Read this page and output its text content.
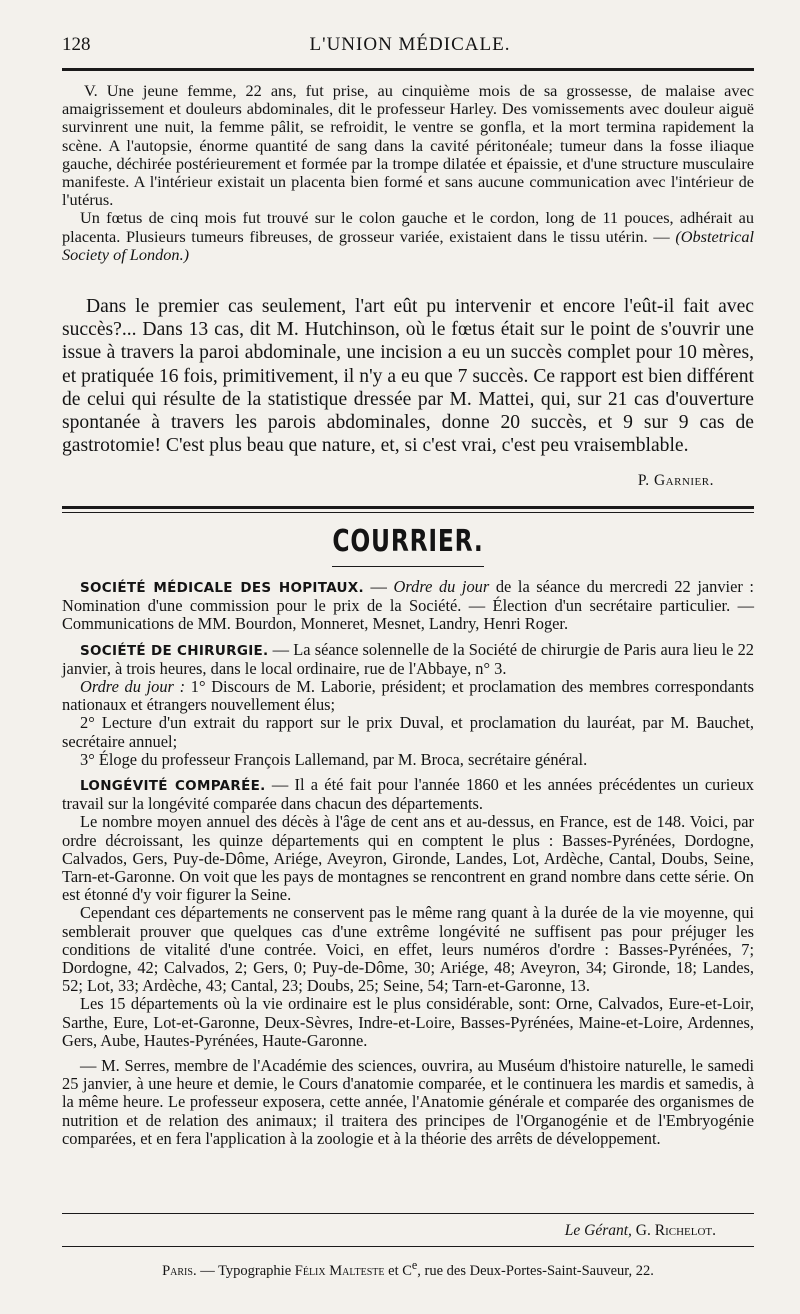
128	L'UNION MÉDICALE.

V. Une jeune femme, 22 ans, fut prise, au cinquième mois de sa grossesse, de malaise avec amaigrissement et douleurs abdominales, dit le professeur Harley. Des vomissements avec douleur aiguë survinrent une nuit, la femme pâlit, se refroidit, le ventre se gonfla, et la mort termina rapidement la scène. A l'autopsie, énorme quantité de sang dans la cavité péritonéale; tumeur dans la fosse iliaque gauche, déchirée postérieurement et formée par la trompe dilatée et épaissie, et d'une structure musculaire manifeste. A l'intérieur existait un placenta bien formé et sans aucune communication avec l'intérieur de l'utérus.

Un fœtus de cinq mois fut trouvé sur le colon gauche et le cordon, long de 11 pouces, adhérait au placenta. Plusieurs tumeurs fibreuses, de grosseur variée, existaient dans le tissu utérin. — (Obstetrical Society of London.)

Dans le premier cas seulement, l'art eût pu intervenir et encore l'eût-il fait avec succès?... Dans 13 cas, dit M. Hutchinson, où le fœtus était sur le point de s'ouvrir une issue à travers la paroi abdominale, une incision a eu un succès complet pour 10 mères, et pratiquée 16 fois, primitivement, il n'y a eu que 7 succès. Ce rapport est bien différent de celui qui résulte de la statistique dressée par M. Mattei, qui, sur 21 cas d'ouverture spontanée à travers les parois abdominales, donne 20 succès, et 9 sur 9 cas de gastrotomie! C'est plus beau que nature, et, si c'est vrai, c'est peu vraisemblable.

P. Garnier.
COURRIER.

SOCIÉTÉ MÉDICALE DES HOPITAUX. — Ordre du jour de la séance du mercredi 22 janvier : Nomination d'une commission pour le prix de la Société. — Élection d'un secrétaire particulier. — Communications de MM. Bourdon, Monneret, Mesnet, Landry, Henri Roger.

SOCIÉTÉ DE CHIRURGIE. — La séance solennelle de la Société de chirurgie de Paris aura lieu le 22 janvier, à trois heures, dans le local ordinaire, rue de l'Abbaye, n° 3.

Ordre du jour : 1° Discours de M. Laborie, président; et proclamation des membres correspondants nationaux et étrangers nouvellement élus;

2° Lecture d'un extrait du rapport sur le prix Duval, et proclamation du lauréat, par M. Bauchet, secrétaire annuel;

3° Éloge du professeur François Lallemand, par M. Broca, secrétaire général.

LONGÉVITÉ COMPARÉE. — Il a été fait pour l'année 1860 et les années précédentes un curieux travail sur la longévité comparée dans chacun des départements.

Le nombre moyen annuel des décès à l'âge de cent ans et au-dessus, en France, est de 148. Voici, par ordre décroissant, les quinze départements qui en comptent le plus : Basses-Pyrénées, Dordogne, Calvados, Gers, Puy-de-Dôme, Ariége, Aveyron, Gironde, Landes, Lot, Ardèche, Cantal, Doubs, Seine, Tarn-et-Garonne. On voit que les pays de montagnes se rencontrent en grand nombre dans cette série. On est étonné d'y voir figurer la Seine.

Cependant ces départements ne conservent pas le même rang quant à la durée de la vie moyenne, qui semblerait prouver que quelques cas d'une extrême longévité ne suffisent pas pour préjuger les conditions de vitalité d'une contrée. Voici, en effet, leurs numéros d'ordre : Basses-Pyrénées, 7; Dordogne, 42; Calvados, 2; Gers, 0; Puy-de-Dôme, 30; Ariége, 48; Aveyron, 34; Gironde, 18; Landes, 52; Lot, 33; Ardèche, 43; Cantal, 23; Doubs, 25; Seine, 54; Tarn-et-Garonne, 13.

Les 15 départements où la vie ordinaire est le plus considérable, sont: Orne, Calvados, Eure-et-Loir, Sarthe, Eure, Lot-et-Garonne, Deux-Sèvres, Indre-et-Loire, Basses-Pyrénées, Maine-et-Loire, Ardennes, Gers, Aube, Hautes-Pyrénées, Haute-Garonne.

— M. Serres, membre de l'Académie des sciences, ouvrira, au Muséum d'histoire naturelle, le samedi 25 janvier, à une heure et demie, le Cours d'anatomie comparée, et le continuera les mardis et samedis, à la même heure. Le professeur exposera, cette année, l'Anatomie générale et comparée des organismes de nutrition et de relation des animaux; il traitera des principes de l'Organogénie et de l'Embryogénie comparées, et en fera l'application à la zoologie et à la théorie des arrêts de développement.

Le Gérant, G. Richelot.
Paris. — Typographie Félix Malteste et Ce, rue des Deux-Portes-Saint-Sauveur, 22.
